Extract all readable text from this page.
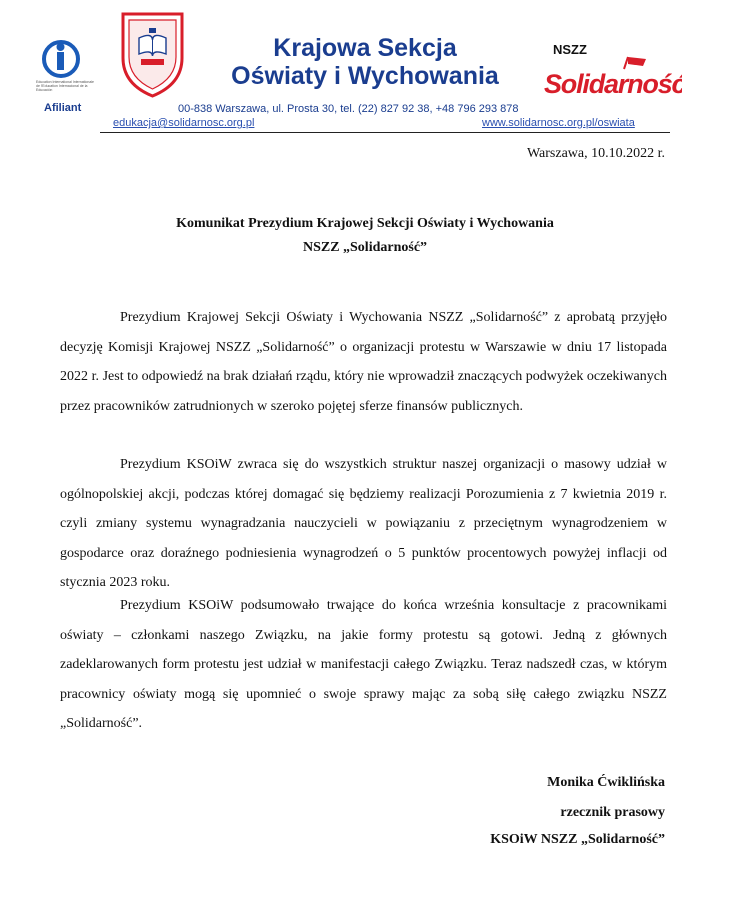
Education International Internationale de l'Education Internacional de la Educación
Afiliant
Krajowa Sekcja
Oświaty i Wychowania
NSZZ
Solidarność
00-838 Warszawa, ul. Prosta 30, tel. (22) 827 92 38, +48 796 293 878
edukacja@solidarnosc.org.pl	www.solidarnosc.org.pl/oswiata
Warszawa, 10.10.2022 r.
Komunikat Prezydium Krajowej Sekcji Oświaty i Wychowania
NSZZ „Solidarność”

Prezydium Krajowej Sekcji Oświaty i Wychowania NSZZ „Solidarność” z aprobatą przyjęło decyzję Komisji Krajowej NSZZ „Solidarność” o organizacji protestu w Warszawie w dniu 17 listopada 2022 r. Jest to odpowiedź na brak działań rządu, który nie wprowadził znaczących podwyżek oczekiwanych przez pracowników zatrudnionych w szeroko pojętej sferze finansów publicznych.

Prezydium KSOiW zwraca się do wszystkich struktur naszej organizacji o masowy udział w ogólnopolskiej akcji, podczas której domagać się będziemy realizacji Porozumienia z 7 kwietnia 2019 r. czyli zmiany systemu wynagradzania nauczycieli w powiązaniu z przeciętnym wynagrodzeniem w gospodarce oraz doraźnego podniesienia wynagrodzeń o 5 punktów procentowych powyżej inflacji od stycznia 2023 roku.

Prezydium KSOiW podsumowało trwające do końca września konsultacje z pracownikami oświaty – członkami naszego Związku, na jakie formy protestu są gotowi. Jedną z głównych zadeklarowanych form protestu jest udział w manifestacji całego Związku. Teraz nadszedł czas, w którym pracownicy oświaty mogą się upomnieć o swoje sprawy mając za sobą siłę całego związku NSZZ „Solidarność”.

Monika Ćwiklińska
rzecznik prasowy
KSOiW NSZZ „Solidarność”
